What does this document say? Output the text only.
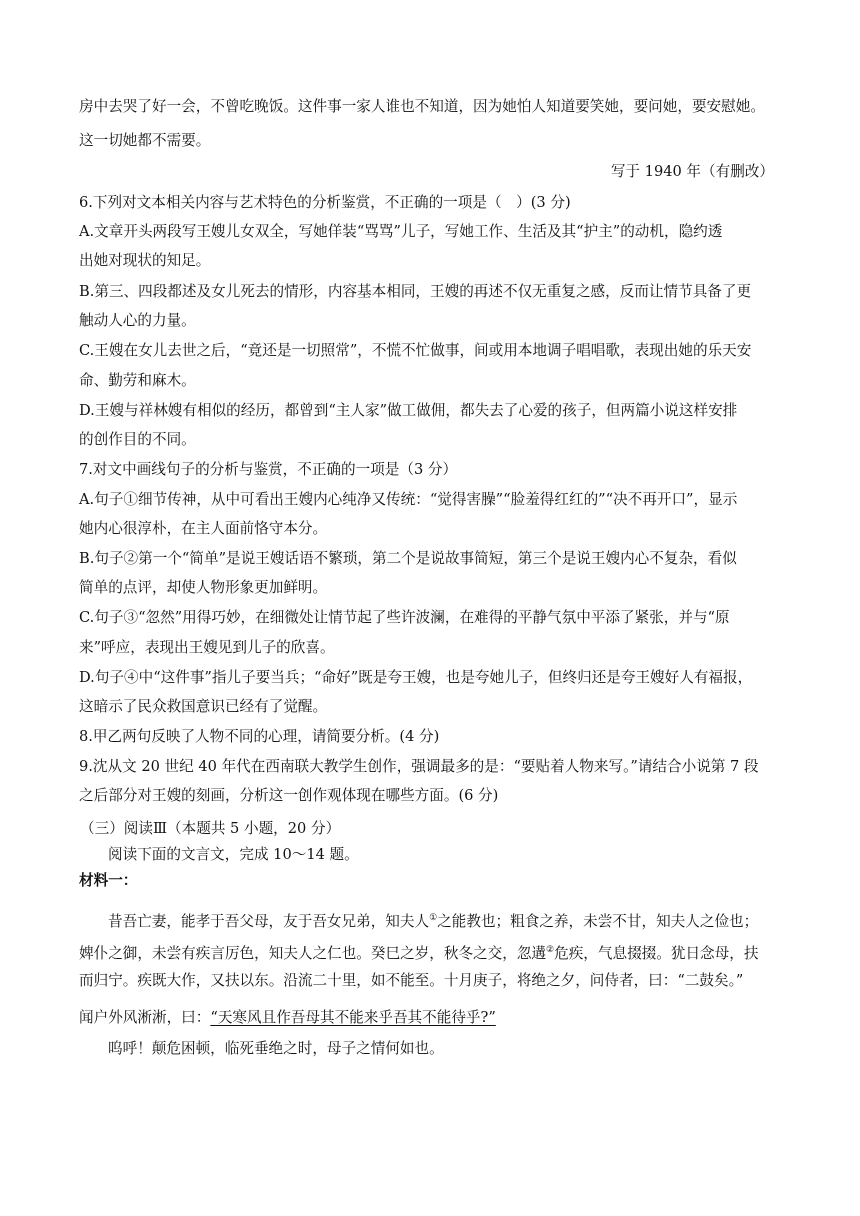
房中去哭了好一会，不曾吃晚饭。这件事一家人谁也不知道，因为她怕人知道要笑她，要问她，要安慰她。
这一切她都不需要。
写于 1940 年（有删改）
6.下列对文本相关内容与艺术特色的分析鉴赏，不正确的一项是（　）(3 分)
A.文章开头两段写王嫂儿女双全，写她佯装“骂骂”儿子，写她工作、生活及其“护主”的动机，隐约透
出她对现状的知足。
B.第三、四段都述及女儿死去的情形，内容基本相同，王嫂的再述不仅无重复之感，反而让情节具备了更
触动人心的力量。
C.王嫂在女儿去世之后，“竟还是一切照常”，不慌不忙做事，间或用本地调子唱唱歌，表现出她的乐天安
命、勤劳和麻木。
D.王嫂与祥林嫂有相似的经历，都曾到“主人家”做工做佣，都失去了心爱的孩子，但两篇小说这样安排
的创作目的不同。
7.对文中画线句子的分析与鉴赏，不正确的一项是（3 分）
A.句子①细节传神，从中可看出王嫂内心纯净又传统：“觉得害臊”“脸羞得红红的”“决不再开口”，显示
她内心很淳朴，在主人面前恪守本分。
B.句子②第一个“简单”是说王嫂话语不繁琐，第二个是说故事简短，第三个是说王嫂内心不复杂，看似
简单的点评，却使人物形象更加鲜明。
C.句子③“忽然”用得巧妙，在细微处让情节起了些许波澜，在难得的平静气氛中平添了紧张，并与“原
来”呼应，表现出王嫂见到儿子的欣喜。
D.句子④中“这件事”指儿子要当兵；“命好”既是夸王嫂，也是夸她儿子，但终归还是夸王嫂好人有福报，
这暗示了民众救国意识已经有了觉醒。
8.甲乙两句反映了人物不同的心理，请简要分析。(4 分)
9.沈从文 20 世纪 40 年代在西南联大教学生创作，强调最多的是：“要贴着人物来写。”请结合小说第 7 段
之后部分对王嫂的刻画，分析这一创作观体现在哪些方面。(6 分)
（三）阅读Ⅲ（本题共 5 小题，20 分）
阅读下面的文言文，完成 10～14 题。
材料一：
昔吾亡妻，能孝于吾父母，友于吾女兄弟，知夫人①之能教也；粗食之养，未尝不甘，知夫人之俭也；
婢仆之御，未尝有疾言厉色，知夫人之仁也。癸巳之岁，秋冬之交，忽遘②危疾，气息掇掇。犹日念母，扶
而归宁。疾既大作，又扶以东。沿流二十里，如不能至。十月庚子，将绝之夕，问侍者，曰：“二鼓矣。”
闻户外风淅淅，曰：“天寒风且作吾母其不能来乎吾其不能待乎?”
呜呼！颠危困顿，临死垂绝之时，母子之情何如也。
